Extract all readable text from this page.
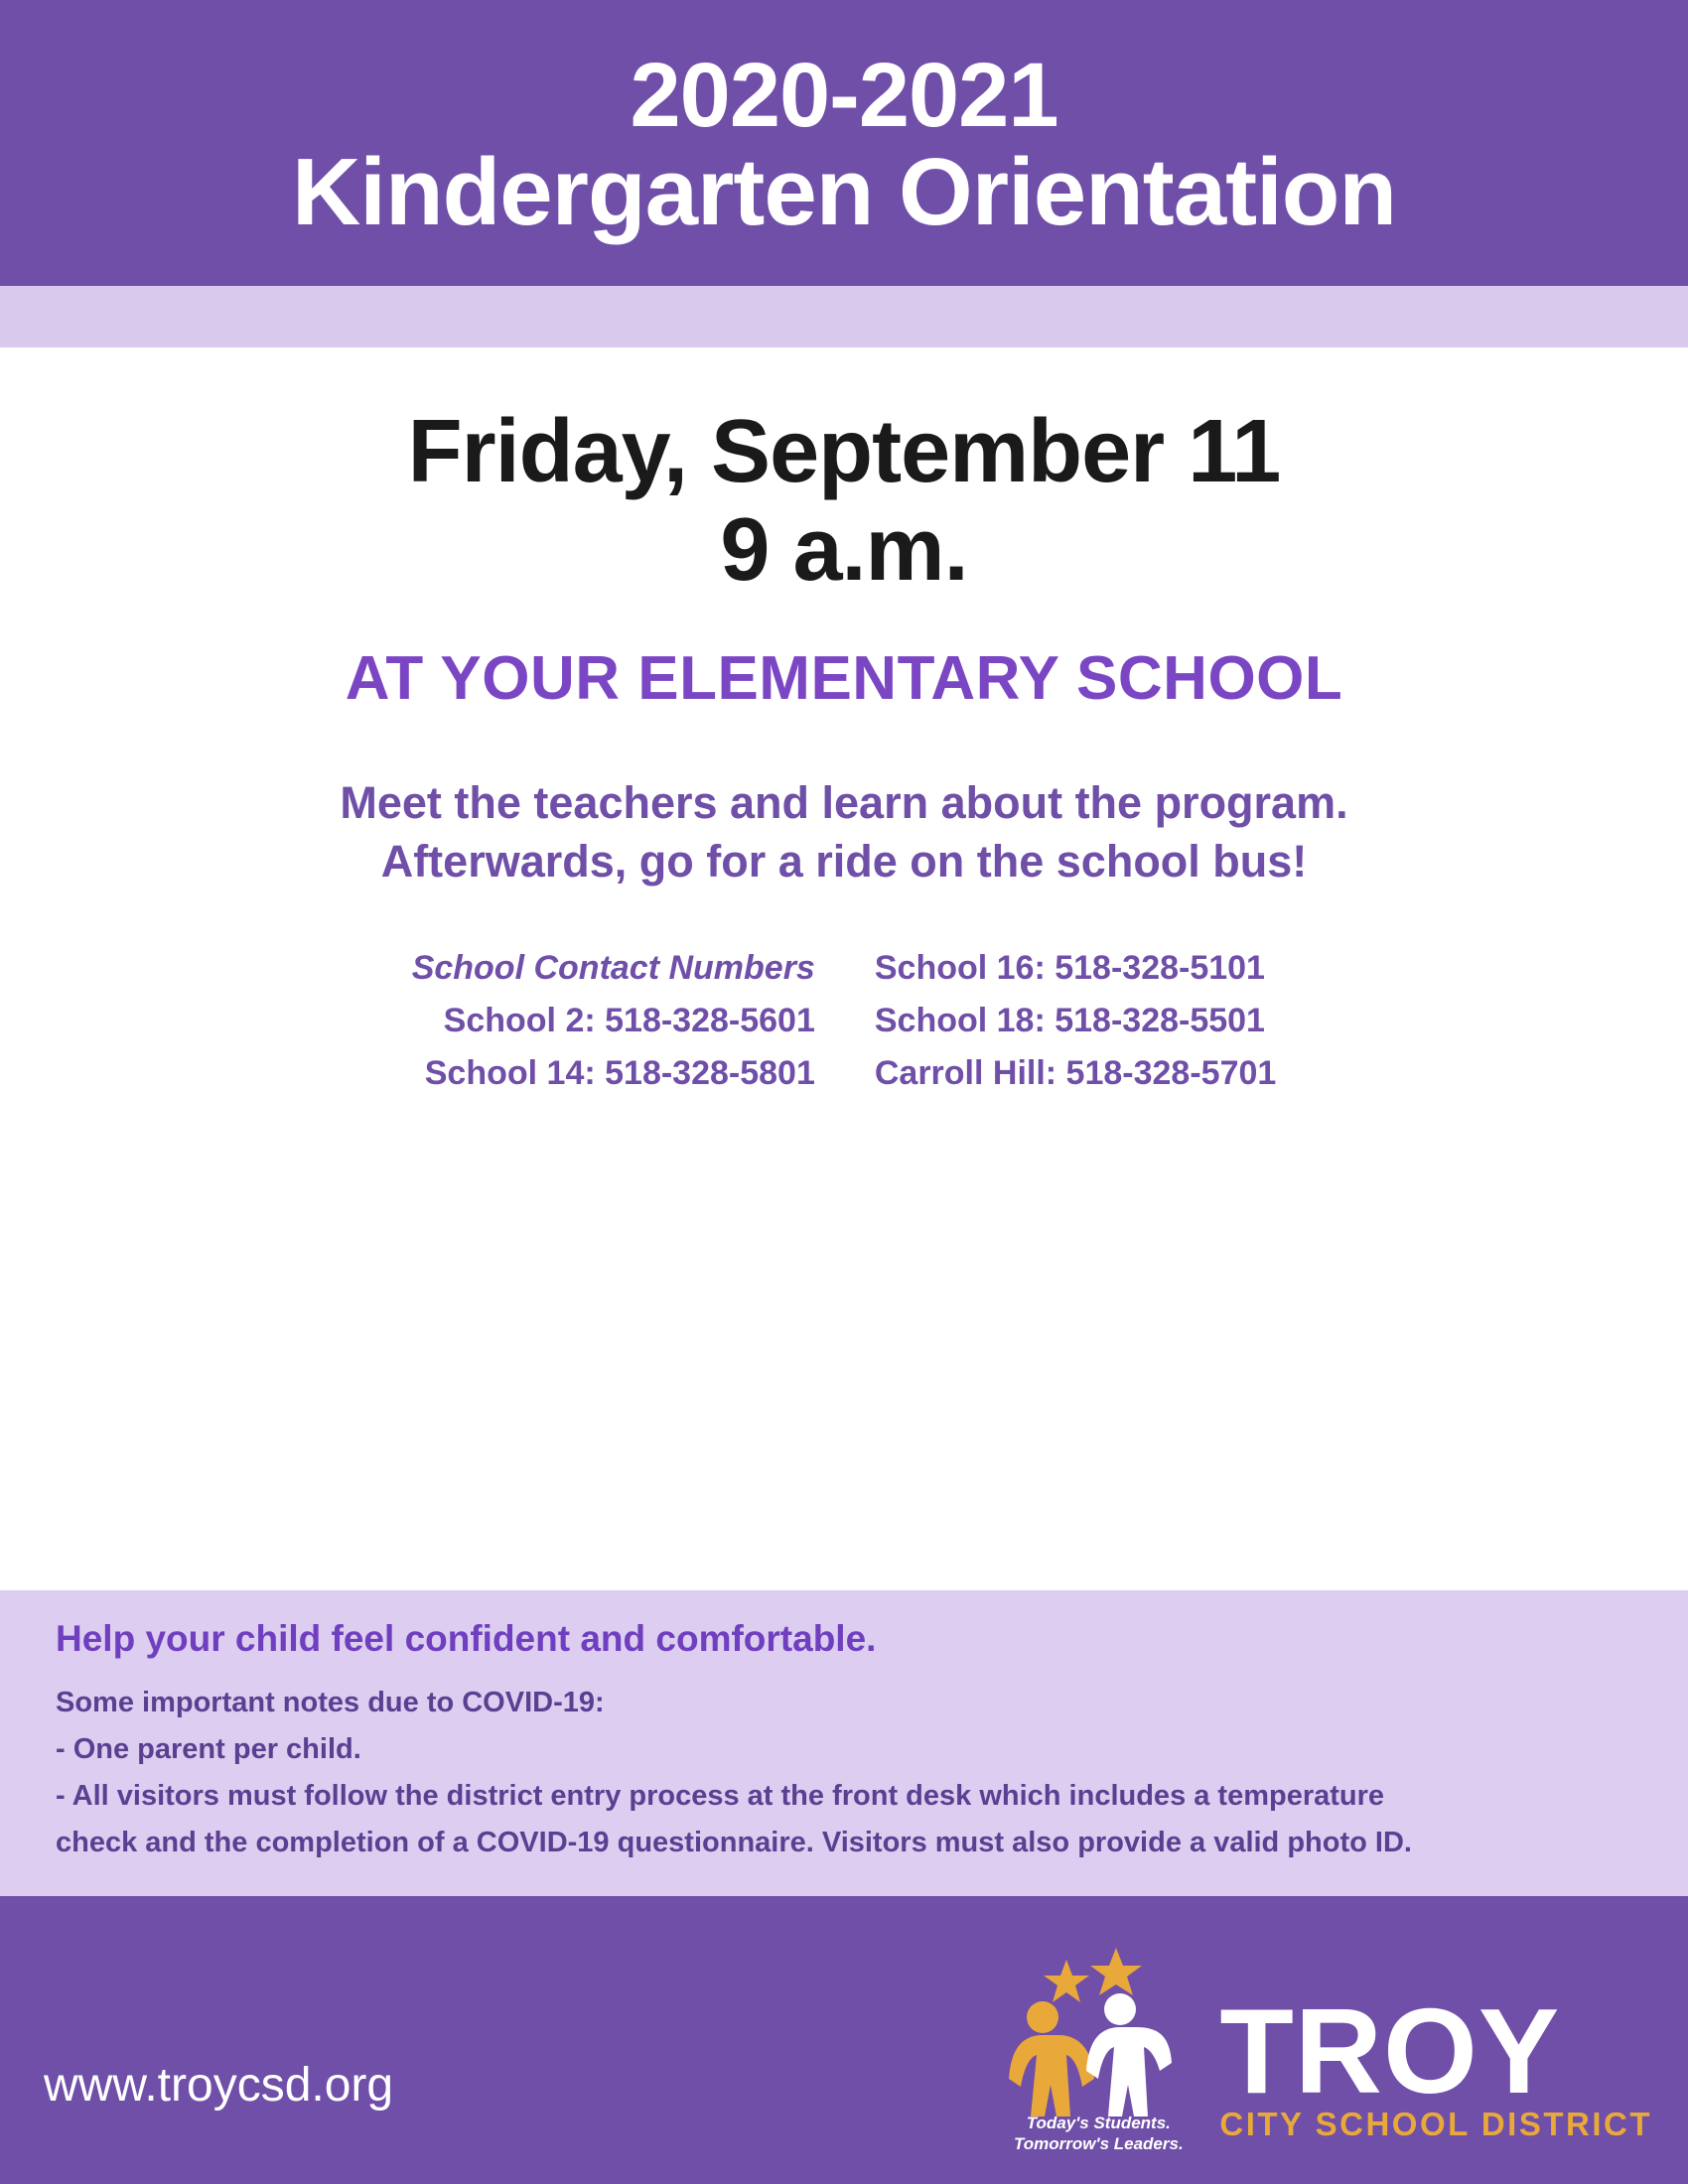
2020-2021
Kindergarten Orientation
Friday, September 11
9 a.m.
AT YOUR ELEMENTARY SCHOOL
Meet the teachers and learn about the program.
Afterwards, go for a ride on the school bus!
School Contact Numbers
School 2: 518-328-5601
School 14: 518-328-5801
School 16: 518-328-5101
School 18: 518-328-5501
Carroll Hill: 518-328-5701
Help your child feel confident and comfortable.
Some important notes due to COVID-19:
- One parent per child.
- All visitors must follow the district entry process at the front desk which includes a temperature
check and the completion of a COVID-19 questionnaire. Visitors must also provide a valid photo ID.
www.troycsd.org
Today's Students.
Tomorrow's Leaders.
TROY
CITY SCHOOL DISTRICT
